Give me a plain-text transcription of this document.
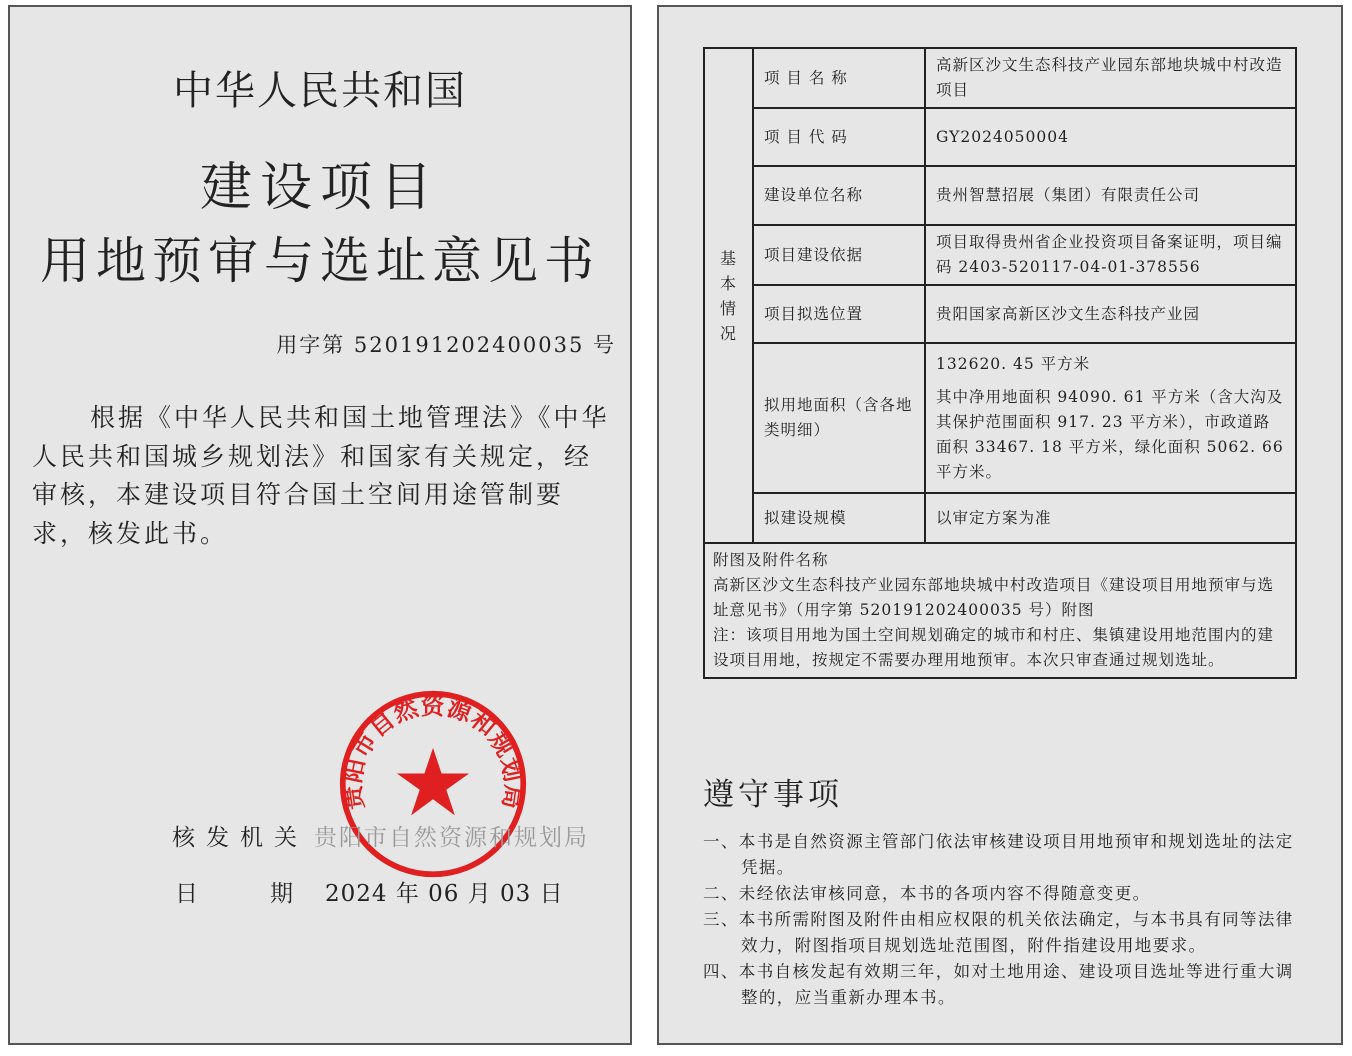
中华人民共和国
建设项目
用地预审与选址意见书
用字第 520191202400035 号
根据《中华人民共和国土地管理法》《中华人民共和国城乡规划法》和国家有关规定，经审核，本建设项目符合国土空间用途管制要求，核发此书。
贵阳市自然资源和规划局
核发机关 贵阳市自然资源和规划局
日期2024 年 06 月 03 日
基
本
情
况	项 目 名 称	高新区沙文生态科技产业园东部地块城中村改造项目
	项 目 代 码	GY2024050004
	建设单位名称	贵州智慧招展（集团）有限责任公司
	项目建设依据	项目取得贵州省企业投资项目备案证明，项目编码 2403-520117-04-01-378556
	项目拟选位置	贵阳国家高新区沙文生态科技产业园
	拟用地面积（含各地类明细）	132620. 45 平方米
其中净用地面积 94090. 61 平方米（含大沟及其保护范围面积 917. 23 平方米），市政道路面积 33467. 18 平方米，绿化面积 5062. 66 平方米。

	拟建设规模	以审定方案为准

附图及附件名称
高新区沙文生态科技产业园东部地块城中村改造项目《建设项目用地预审与选址意见书》（用字第 520191202400035 号）附图
注：该项目用地为国土空间规划确定的城市和村庄、集镇建设用地范围内的建设项目用地，按规定不需要办理用地预审。本次只审查通过规划选址。		
遵守事项
一、本书是自然资源主管部门依法审核建设项目用地预审和规划选址的法定凭据。
二、未经依法审核同意，本书的各项内容不得随意变更。
三、本书所需附图及附件由相应权限的机关依法确定，与本书具有同等法律效力，附图指项目规划选址范围图，附件指建设用地要求。
四、本书自核发起有效期三年，如对土地用途、建设项目选址等进行重大调整的，应当重新办理本书。
